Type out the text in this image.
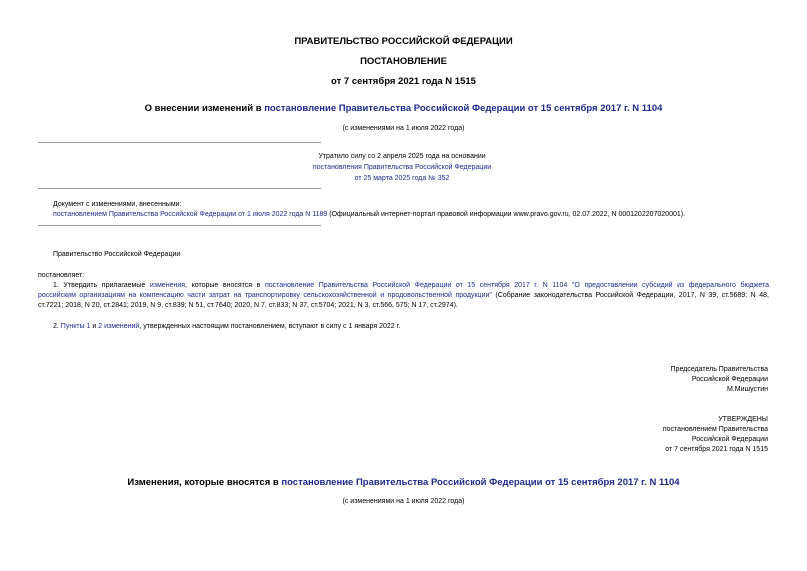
ПРАВИТЕЛЬСТВО РОССИЙСКОЙ ФЕДЕРАЦИИ
ПОСТАНОВЛЕНИЕ
от 7 сентября 2021 года N 1515
О внесении изменений в постановление Правительства Российской Федерации от 15 сентября 2017 г. N 1104
(с изменениями на 1 июля 2022 года)
Утратило силу со 2 апреля 2025 года на основании
постановления Правительства Российской Федерации
от 25 марта 2025 года № 352
Документ с изменениями, внесенными:
постановлением Правительства Российской Федерации от 1 июля 2022 года N 1189 (Официальный интернет-портал правовой информации www.pravo.gov.ru, 02.07.2022, N 0001202207020001).
Правительство Российской Федерации
постановляет:
1. Утвердить прилагаемые изменения, которые вносятся в постановление Правительства Российской Федерации от 15 сентября 2017 г. N 1104 "О предоставлении субсидий из федерального бюджета
российским организациям на компенсацию части затрат на транспортировку сельскохозяйственной и продовольственной продукции" (Собрание законодательства Российской Федерации, 2017, N 39, ст.5689; N 48,
ст.7221; 2018, N 20, ст.2841; 2019, N 9, ст.839; N 51, ст.7640; 2020, N 7, ст.833; N 37, ст.5704; 2021, N 3, ст.566, 575; N 17, ст.2974).
2. Пункты 1 и 2 изменений, утвержденных настоящим постановлением, вступают в силу с 1 января 2022 г.
Председатель Правительства
Российской Федерации
М.Мишустин
УТВЕРЖДЕНЫ
постановлением Правительства
Российской Федерации
от 7 сентября 2021 года N 1515
Изменения, которые вносятся в постановление Правительства Российской Федерации от 15 сентября 2017 г. N 1104
(с изменениями на 1 июля 2022 года)
